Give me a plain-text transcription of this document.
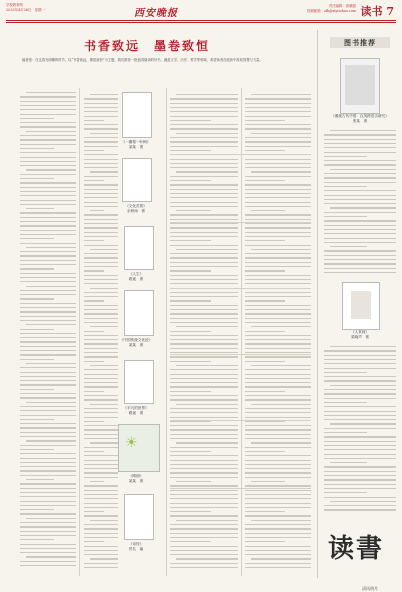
学校教育网
2025年4月26日　星期一	西安晚报
责任编辑：张鹏振
投稿邮箱：zfk@xiyoubao.com 读书 7
书香致远　墨卷致恒
编者按：在这春光明媚的时节，以“书香致远，墨卷致恒”为主题，我们推荐一批值得阅读的好书，涵盖文学、历史、哲学等领域，希望读者在阅读中汲取智慧与力量。

《一瓣梨一叶枫》
某某　著
《文化苦旅》
余秋雨　著
《人生》
路遥　著
《中国传统文化论》
某某　著
《平凡的世界》
路遥　著
☀
《晴朗》
某某　著
《诗经》
佚名　编
图书推荐
《凝视古代中国：汉英跨语言研究》
张某　著
《人世间》
梁晓声　著
读書
清风明月
